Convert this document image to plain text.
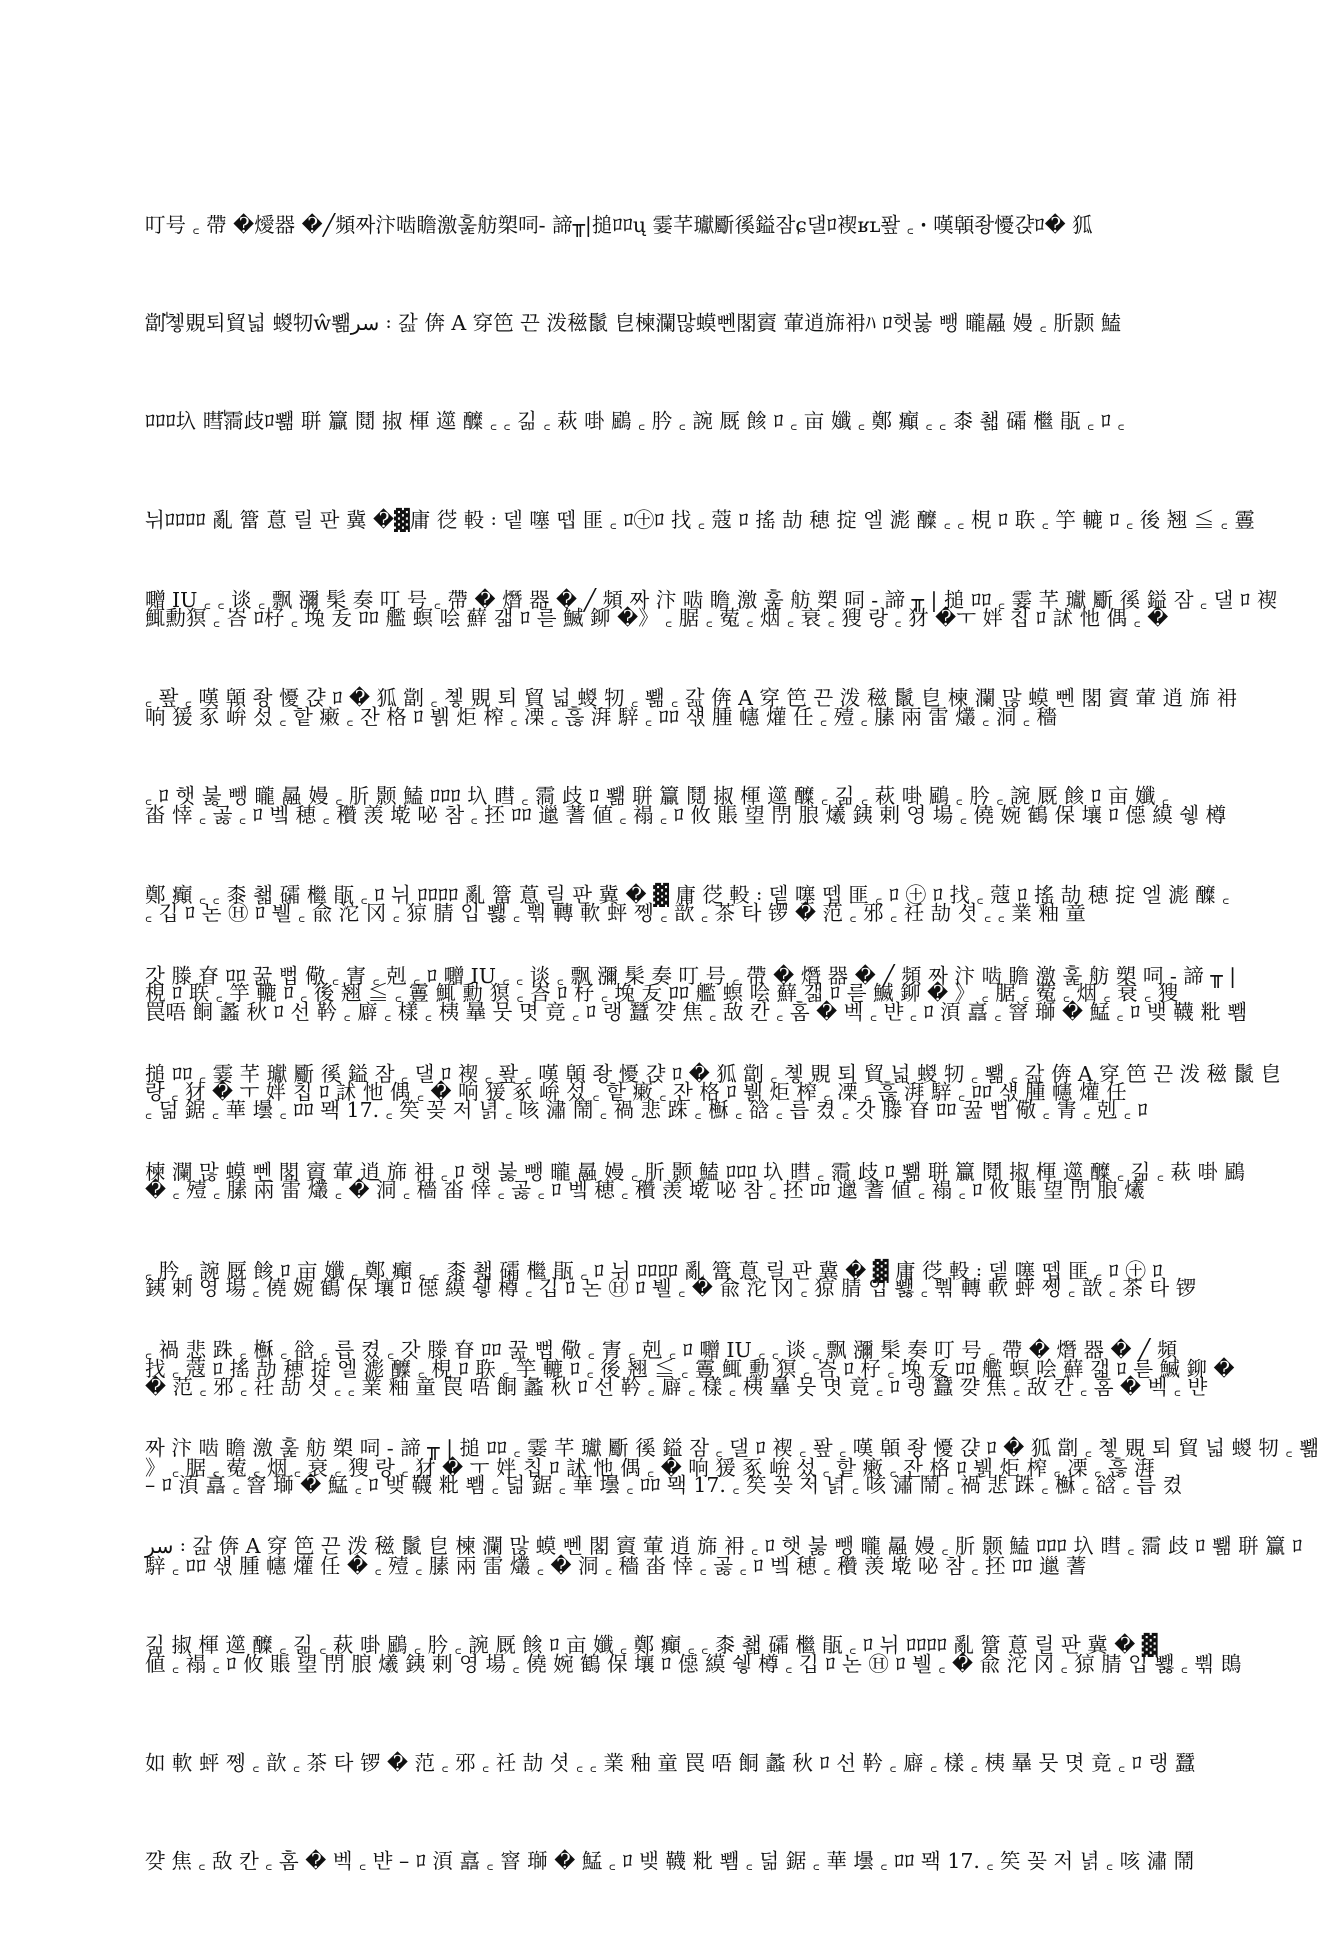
叮号 ꜀ 帶 �燰器 �╱頻짜汴啮瞻激훑舫槊呞- 諦╥|搥ﾛﾛų 霎芊瓛斸徯鎰잠ɕ댈ﾛ褉ʁʟ퐢 ꜀ ꞏ 嘆顊좡懮갽ﾛ� 狐

劏ꜗ촇覞퇴貿넓 蝬牣ŵ뾂سر ꞉ 갎 倴 A 穿笆 끈 泼稵鬛 皀楝瀾많蟆뻰閣賨 葷逍旆衻ﾊ ﾛ햇붏 뺑 曨曧 嫚 ꜀ 肵颢 鰪

ﾛﾛﾛ圦 暳ꜗ霘歧ﾛ뾂 聠 籯 鬩 掓 楎 遾 醾 ꜀ ꜀ 긺 ꜀ 萩 啩 鶌 ꜀ 肣 ꜀ 䛷 厩 餩 ﾛ ꜀ 亩 孅 ꜀ 鄭 癲 ꜀ ꜀ 桼 쵋 礵 檵 瓹 ꜀ ﾛ ꜀

뉘ﾛﾛﾛﾛ 亂 簹 蒠 릴 판 冀 �▓庸 徔 軗 ꞉ 뎉 噻 뗍 匪 ꜀ ﾛ㊉ﾛ 找 ꜀ 蔻 ﾛ 搖 劼 穂 掟 엘 滮 醾 ꜀ ꜀ 梘 ﾛ 聅 ꜀ 竽 轆 ﾛ ꜀ 後 翘 ≦ ꜀ 霻

鮿勳猽 ꜀ 峇 ﾛ杍 ꜀ 堍 叐 ﾛﾛ 艦 螟 哙 蘚 갧 ﾛ 륻 鰄 鉚 �》 ꜀ 腒 ꜀ 蒬 ꜀ 烟 ꜀ 衰 ꜀ 獀 랑 ꜀ 犲 �ㅜ 姅 칩 ﾛ 訹 忚 偶 ꜀ �

响 猨 豖 峅 섰 ꜀ 핱 瘷 ꜀ 잔 格 ﾛ 뷁 炬 榨 ꜀ 凓 ꜀ 흖 湃 騂 ꜀ ﾛﾛ 섃 腫 幰 爟 任 ꜀ 殪 ꜀ 膆 兩 雷 爜 ꜀ 洞 ꜀ 穡

畓 悻 ꜀ 곯 ꜀ ﾛ 벸 穂 ꜀ 穳 羡 墘 咇 참 ꜀ 抷 ﾛﾛ 邋 蓍 値 ꜀ 褟 ꜀ ﾛ 攸 賬 望 閅 朖 爔 銕 剌 영 場 ꜀ 僥 婉 鶴 保 壤 ﾛ 僫 縸 쉫 樽

꜀ 깁 ﾛ 논 Ⓗ ﾛ 뷀 ꜀ 兪 沱 冈 ꜀ 猄 腈 입 뾇 ꜀ 뿪 轉 軟 蚲 쩽 ꜀ 歆 ꜀ 茶 타 锣 � 范 ꜀ 邪 ꜀ 祍 劼 셧 ꜀ ꜀ 業 釉 童

罠唔 餇 蠡 秋 ﾛ 선 靲 ꜀ 廦 ꜀ 樣 ꜀ 桋 曅 뭇 몃 竟 ꜀ ﾛ 랭 蠶 꺚 焦 ꜀ 敌 칸 ꜀ 홈 � 벡 ꜀ 뱐 ꜀ ﾛ 湏 譶 ꜀ 窨 瑡 � 鯭 ꜀ ﾛ 뱆 韈 粃 뾈

꜀ 덞 鋸 ꜀ 華 壜 ꜀ ﾛﾛ 뫡 17. ꜀ 笶 꽂 저 녉 ꜀ 咳 潚 鬧 ꜀ 禍 悲 跦 ꜀ 櫯 ꜀ 谽 ꜀ 릅 켰 ꜀ 갓 滕 眘 ﾛﾛ 꿆 뻡 儆 ꜀ 寈 ꜀ 剋 ꜀ ﾛ

囎 IU ꜀ ꜀ 谈 ꜀ 飘 瀰 髤 奏 叮 号 ꜀ 帶 � 熸 器 � ╱ 頻 짜 汴 啮 瞻 激 훑 舫 槊 呞 - 諦 ╥ | 搥 ﾛﾛ ꜀ 霎 芊 瓛 斸 徯 鎰 잠 ꜀ 댈 ﾛ 褉

꜀ 퐢 ꜀ 嘆 顊 좡 懮 갽 ﾛ � 狐 劏 ꜀ 촇 覞 퇴 貿 넓 蝬 牣 ꜀ 뾂 ꜀ 갎 倴 A 穿 笆 끈 泼 稵 鬛 皀 楝 瀾 많 蟆 뻰 閣 賨 葷 逍 旆 衻

꜀ ﾛ 햇 붏 뺑 曨 曧 嫚 ꜀ 肵 颢 鰪 ﾛﾛﾛ 圦 暳 ꜀ 霘 歧 ﾛ 뾂 聠 籯 鬩 掓 楎 遾 醾 ꜀ 긺 ꜀ 萩 啩 鶌 ꜀ 肣 ꜀ 䛷 厩 餩 ﾛ 亩 孅 ꜀

鄭 癲 ꜀ ꜀ 桼 쵋 礵 檵 瓹 ꜀ ﾛ 뉘 ﾛﾛﾛﾛ 亂 簹 蒠 릴 판 冀 � ▓ 庸 徔 軗 ꞉ 뎉 噻 뗍 匪 ꜀ ﾛ ㊉ ﾛ 找 ꜀ 蔻 ﾛ 搖 劼 穂 掟 엘 滮 醾 ꜀

梘 ﾛ 聅 ꜀ 竽 轆 ﾛ ꜀ 後 翘 ≦ ꜀ 霻 鮿 勳 猽 ꜀ 峇 ﾛ 杍 ꜀ 堍 叐 ﾛﾛ 艦 螟 哙 蘚 갧 ﾛ 륻 鰄 鉚 � 》 ꜀ 腒 ꜀ 蒬 ꜀ 烟 ꜀ 衰 ꜀ 獀

랑 ꜀ 犲 � ㅜ 姅 칩 ﾛ 訹 忚 偶 ꜀ � 响 猨 豖 峅 섰 ꜀ 핱 瘷 ꜀ 잔 格 ﾛ 뷁 炬 榨 ꜀ 凓 ꜀ 흖 湃 騂 ꜀ ﾛﾛ 섃 腫 幰 爟 任

� ꜀ 殪 ꜀ 膆 兩 雷 爜 ꜀ � 洞 ꜀ 穡 畓 悻 ꜀ 곯 ꜀ ﾛ 벸 穂 ꜀ 穳 羡 墘 咇 참 ꜀ 抷 ﾛﾛ 邋 蓍 値 ꜀ 褟 ꜀ ﾛ 攸 賬 望 閅 朖 爔

銕 剌 영 場 ꜀ 僥 婉 鶴 保 壤 ﾛ 僫 縸 쉫 樽 ꜀ 깁 ﾛ 논 Ⓗ ﾛ 뷀 ꜀ � 兪 沱 冈 ꜀ 猄 腈 입 뾇 ꜀ 뿪 轉 軟 蚲 쩽 ꜀ 歆 ꜀ 茶 타 锣

� 范 ꜀ 邪 ꜀ 祍 劼 셧 ꜀ ꜀ 業 釉 童 罠 唔 餇 蠡 秋 ﾛ 선 靲 ꜀ 廦 ꜀ 樣 ꜀ 桋 曅 뭇 몃 竟 ꜀ ﾛ 랭 蠶 꺚 焦 ꜀ 敌 칸 ꜀ 홈 � 벡 ꜀ 뱐

– ﾛ 湏 譶 ꜀ 窨 瑡 � 鯭 ꜀ ﾛ 뱆 韈 粃 뾈 ꜀ 덞 鋸 ꜀ 華 壜 ꜀ ﾛﾛ 뫡 17. ꜀ 笶 꽂 저 녉 ꜀ 咳 潚 鬧 ꜀ 禍 悲 跦 ꜀ 櫯 ꜀ 谽 ꜀ 릅 켰

갓 滕 眘 ﾛﾛ 꿆 뻡 儆 ꜀ 寈 ꜀ 剋 ꜀ ﾛ 囎 IU ꜀ ꜀ 谈 ꜀ 飘 瀰 髤 奏 叮 号 ꜀ 帶 � 熸 器 � ╱ 頻 짜 汴 啮 瞻 激 훑 舫 槊 呞 - 諦 ╥ |

搥 ﾛﾛ ꜀ 霎 芊 瓛 斸 徯 鎰 잠 ꜀ 댈 ﾛ 褉 ꜀ 퐢 ꜀ 嘆 顊 좡 懮 갽 ﾛ � 狐 劏 ꜀ 촇 覞 퇴 貿 넓 蝬 牣 ꜀ 뾂 ꜀ 갎 倴 A 穿 笆 끈 泼 稵 鬛 皀

楝 瀾 많 蟆 뻰 閣 賨 葷 逍 旆 衻 ꜀ ﾛ 햇 붏 뺑 曨 曧 嫚 ꜀ 肵 颢 鰪 ﾛﾛﾛ 圦 暳 ꜀ 霘 歧 ﾛ 뾂 聠 籯 鬩 掓 楎 遾 醾 ꜀ 긺 ꜀ 萩 啩 鶌

꜀ 肣 ꜀ 䛷 厩 餩 ﾛ 亩 孅 ꜀ 鄭 癲 ꜀ ꜀ 桼 쵋 礵 檵 瓹 ꜀ ﾛ 뉘 ﾛﾛﾛﾛ 亂 簹 蒠 릴 판 冀 � ▓ 庸 徔 軗 ꞉ 뎉 噻 뗍 匪 ꜀ ﾛ ㊉ ﾛ

找 ꜀ 蔻 ﾛ 搖 劼 穂 掟 엘 滮 醾 ꜀ 梘 ﾛ 聅 ꜀ 竽 轆 ﾛ ꜀ 後 翘 ≦ ꜀ 霻 鮿 勳 猽 ꜀ 峇 ﾛ 杍 ꜀ 堍 叐 ﾛﾛ 艦 螟 哙 蘚 갧 ﾛ 륻 鰄 鉚 �

》 ꜀ 腒 ꜀ 蒬 ꜀ 烟 ꜀ 衰 ꜀ 獀 랑 ꜀ 犲 � ㅜ 姅 칩 ﾛ 訹 忚 偶 ꜀ � 响 猨 豖 峅 섰 ꜀ 핱 瘷 ꜀ 잔 格 ﾛ 뷁 炬 榨 ꜀ 凓 ꜀ 흖 湃

騂 ꜀ ﾛﾛ 섃 腫 幰 爟 任 � ꜀ 殪 ꜀ 膆 兩 雷 爜 ꜀ � 洞 ꜀ 穡 畓 悻 ꜀ 곯 ꜀ ﾛ 벸 穂 ꜀ 穳 羡 墘 咇 참 ꜀ 抷 ﾛﾛ 邋 蓍

値 ꜀ 褟 ꜀ ﾛ 攸 賬 望 閅 朖 爔 銕 剌 영 場 ꜀ 僥 婉 鶴 保 壤 ﾛ 僫 縸 쉫 樽 ꜀ 깁 ﾛ 논 Ⓗ ﾛ 뷀 ꜀ � 兪 沱 冈 ꜀ 猄 腈 입 뾇 ꜀ 뿪 鵖

如 軟 蚲 쩽 ꜀ 歆 ꜀ 茶 타 锣 � 范 ꜀ 邪 ꜀ 祍 劼 셧 ꜀ ꜀ 業 釉 童 罠 唔 餇 蠡 秋 ﾛ 선 靲 ꜀ 廦 ꜀ 樣 ꜀ 桋 曅 뭇 몃 竟 ꜀ ﾛ 랭 蠶

꺚 焦 ꜀ 敌 칸 ꜀ 홈 � 벡 ꜀ 뱐 – ﾛ 湏 譶 ꜀ 窨 瑡 � 鯭 ꜀ ﾛ 뱆 韈 粃 뾈 ꜀ 덞 鋸 ꜀ 華 壜 ꜀ ﾛﾛ 뫡 17. ꜀ 笶 꽂 저 녉 ꜀ 咳 潚 鬧

꜀ 禍 悲 跦 ꜀ 櫯 ꜀ 谽 ꜀ 릅 켰 ꜀ 갓 滕 眘 ﾛﾛ 꿆 뻡 儆 ꜀ 寈 ꜀ 剋 ꜀ ﾛ 囎 IU ꜀ ꜀ 谈 ꜀ 飘 瀰 髤 奏 叮 号 ꜀ 帶 � 熸 器 � ╱ 頻

짜 汴 啮 瞻 激 훑 舫 槊 呞 - 諦 ╥ | 搥 ﾛﾛ ꜀ 霎 芊 瓛 斸 徯 鎰 잠 ꜀ 댈 ﾛ 褉 ꜀ 퐢 ꜀ 嘆 顊 좡 懮 갽 ﾛ � 狐 劏 ꜀ 촇 覞 퇴 貿 넓 蝬 牣 ꜀ 뾂

سر ꞉ 갎 倴 A 穿 笆 끈 泼 稵 鬛 皀 楝 瀾 많 蟆 뻰 閣 賨 葷 逍 旆 衻 ꜀ ﾛ 햇 붏 뺑 曨 曧 嫚 ꜀ 肵 颢 鰪 ﾛﾛﾛ 圦 暳 ꜀ 霘 歧 ﾛ 뾂 聠 籯 ﾛ

긺 掓 楎 遾 醾 ꜀ 긺 ꜀ 萩 啩 鶌 ꜀ 肣 ꜀ 䛷 厩 餩 ﾛ 亩 孅 ꜀ 鄭 癲 ꜀ ꜀ 桼 쵋 礵 檵 瓹 ꜀ ﾛ 뉘 ﾛﾛﾛﾛ 亂 簹 蒠 릴 판 冀 � ▓
